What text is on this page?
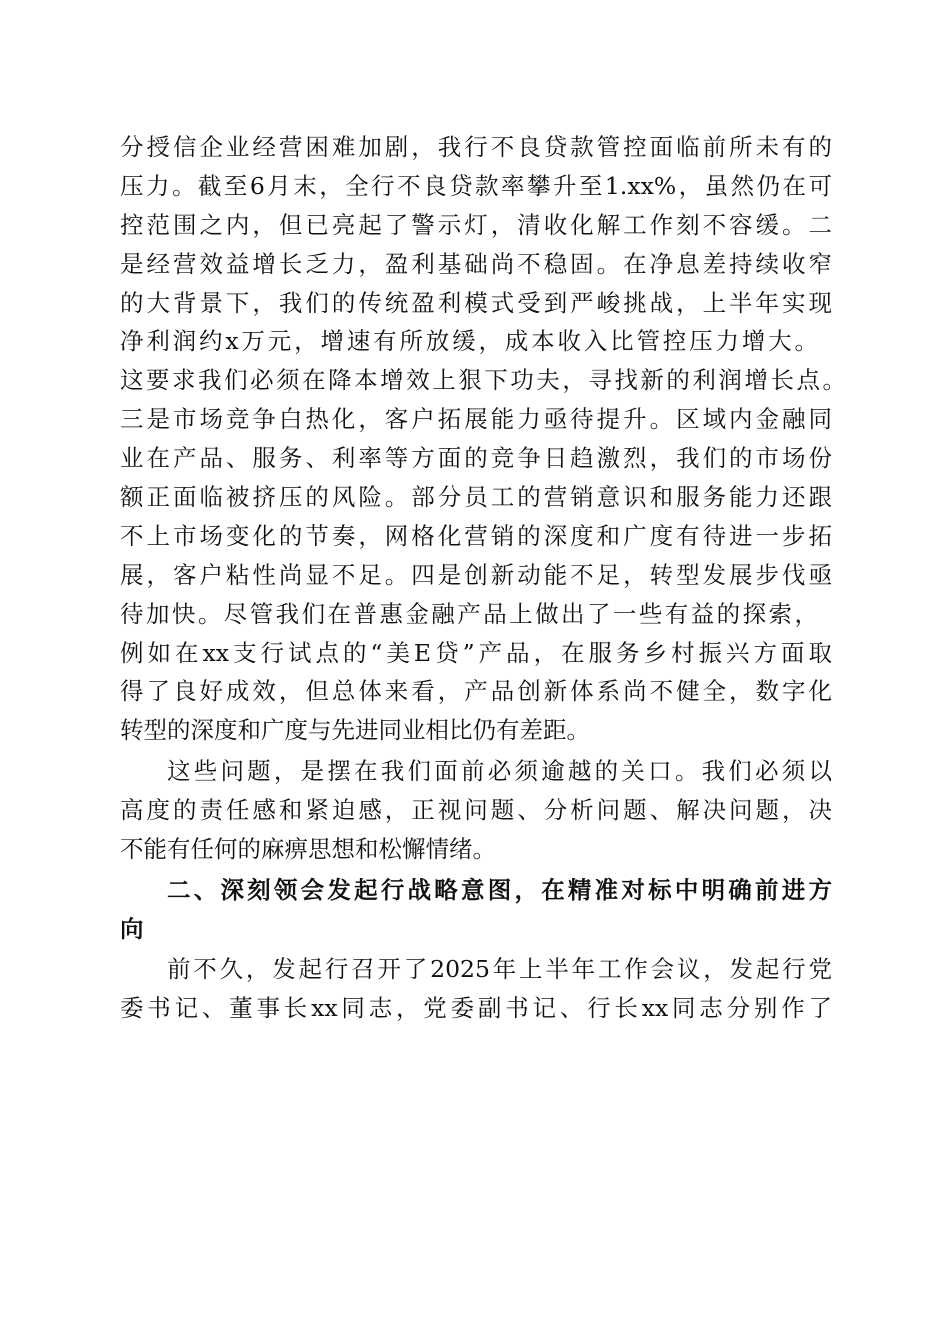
分授信企业经营困难加剧，我行不良贷款管控面临前所未有的
压力。截至6月末，全行不良贷款率攀升至1.xx%，虽然仍在可
控范围之内，但已亮起了警示灯，清收化解工作刻不容缓。二
是经营效益增长乏力，盈利基础尚不稳固。在净息差持续收窄
的大背景下，我们的传统盈利模式受到严峻挑战，上半年实现
净利润约x万元，增速有所放缓，成本收入比管控压力增大。
这要求我们必须在降本增效上狠下功夫，寻找新的利润增长点。
三是市场竞争白热化，客户拓展能力亟待提升。区域内金融同
业在产品、服务、利率等方面的竞争日趋激烈，我们的市场份
额正面临被挤压的风险。部分员工的营销意识和服务能力还跟
不上市场变化的节奏，网格化营销的深度和广度有待进一步拓
展，客户粘性尚显不足。四是创新动能不足，转型发展步伐亟
待加快。尽管我们在普惠金融产品上做出了一些有益的探索，
例如在xx支行试点的“美E贷”产品，在服务乡村振兴方面取
得了良好成效，但总体来看，产品创新体系尚不健全，数字化
转型的深度和广度与先进同业相比仍有差距。
这些问题，是摆在我们面前必须逾越的关口。我们必须以
高度的责任感和紧迫感，正视问题、分析问题、解决问题，决
不能有任何的麻痹思想和松懈情绪。
二、深刻领会发起行战略意图，在精准对标中明确前进方
向
前不久，发起行召开了2025年上半年工作会议，发起行党
委书记、董事长xx同志，党委副书记、行长xx同志分别作了
